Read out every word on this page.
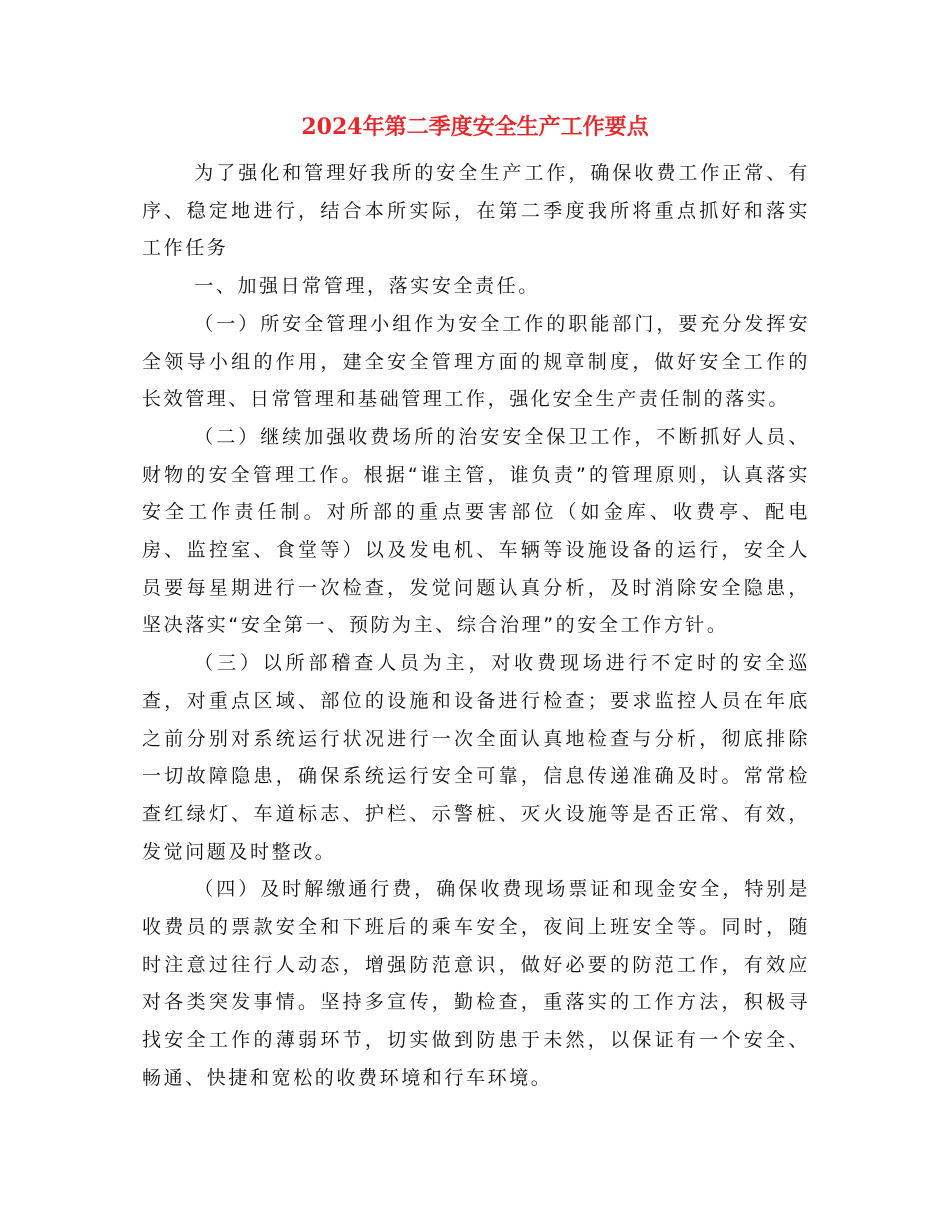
2024年第二季度安全生产工作要点

为了强化和管理好我所的安全生产工作，确保收费工作正常、有序、稳定地进行，结合本所实际，在第二季度我所将重点抓好和落实工作任务

一、加强日常管理，落实安全责任。

（一）所安全管理小组作为安全工作的职能部门，要充分发挥安全领导小组的作用，建全安全管理方面的规章制度，做好安全工作的长效管理、日常管理和基础管理工作，强化安全生产责任制的落实。

（二）继续加强收费场所的治安安全保卫工作，不断抓好人员、财物的安全管理工作。根据“谁主管，谁负责”的管理原则，认真落实安全工作责任制。对所部的重点要害部位（如金库、收费亭、配电房、监控室、食堂等）以及发电机、车辆等设施设备的运行，安全人员要每星期进行一次检查，发觉问题认真分析，及时消除安全隐患，坚决落实“安全第一、预防为主、综合治理”的安全工作方针。

（三）以所部稽查人员为主，对收费现场进行不定时的安全巡查，对重点区域、部位的设施和设备进行检查；要求监控人员在年底之前分别对系统运行状况进行一次全面认真地检查与分析，彻底排除一切故障隐患，确保系统运行安全可靠，信息传递准确及时。常常检查红绿灯、车道标志、护栏、示警桩、灭火设施等是否正常、有效，发觉问题及时整改。

（四）及时解缴通行费，确保收费现场票证和现金安全，特别是收费员的票款安全和下班后的乘车安全，夜间上班安全等。同时，随时注意过往行人动态，增强防范意识，做好必要的防范工作，有效应对各类突发事情。坚持多宣传，勤检查，重落实的工作方法，积极寻找安全工作的薄弱环节，切实做到防患于未然，以保证有一个安全、畅通、快捷和宽松的收费环境和行车环境。
